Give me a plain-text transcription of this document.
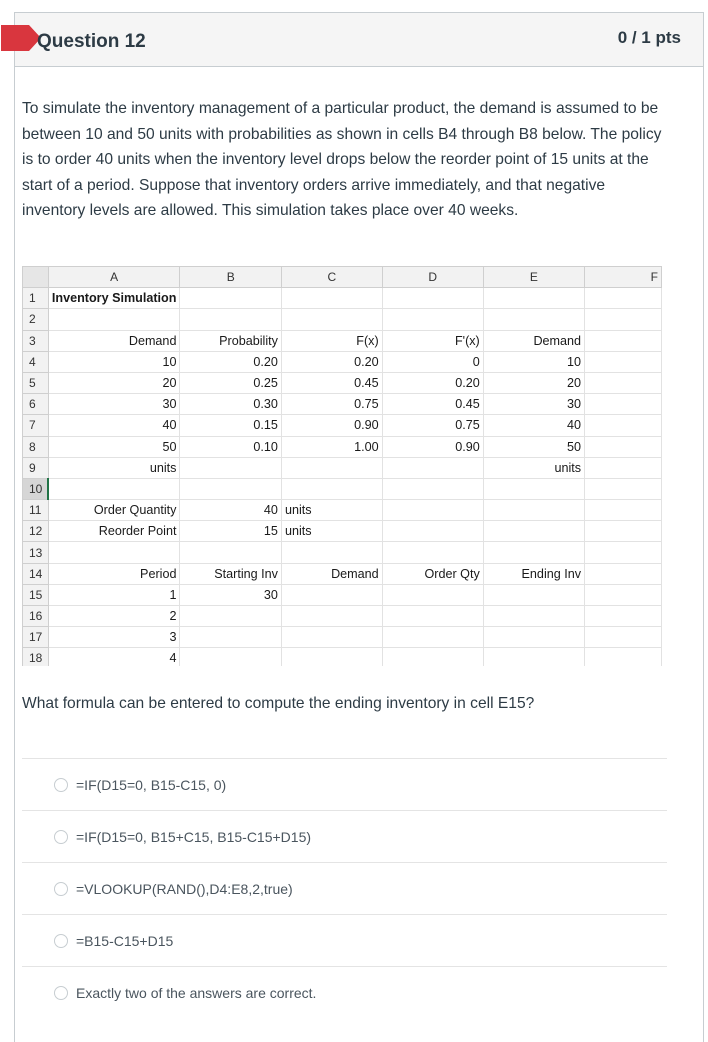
Question 12	0 / 1 pts
To simulate the inventory management of a particular product, the demand is assumed to be between 10 and 50 units with probabilities as shown in cells B4 through B8 below. The policy is to order 40 units when the inventory level drops below the reorder point of 15 units at the start of a period. Suppose that inventory orders arrive immediately, and that negative inventory levels are allowed. This simulation takes place over 40 weeks.
	A	B	C	D	E	F
1	Inventory Simulation					
2						
3	Demand	Probability	F(x)	F'(x)	Demand	
4	10	0.20	0.20	0	10	
5	20	0.25	0.45	0.20	20	
6	30	0.30	0.75	0.45	30	
7	40	0.15	0.90	0.75	40	
8	50	0.10	1.00	0.90	50	
9	units				units	
10						
11	Order Quantity	40	units			
12	Reorder Point	15	units			
13						
14	Period	Starting Inv	Demand	Order Qty	Ending Inv	
15	1	30				
16	2					
17	3					
18	4					
What formula can be entered to compute the ending inventory in cell E15?
=IF(D15=0, B15-C15, 0)
=IF(D15=0, B15+C15, B15-C15+D15)
=VLOOKUP(RAND(),D4:E8,2,true)
=B15-C15+D15
Exactly two of the answers are correct.
